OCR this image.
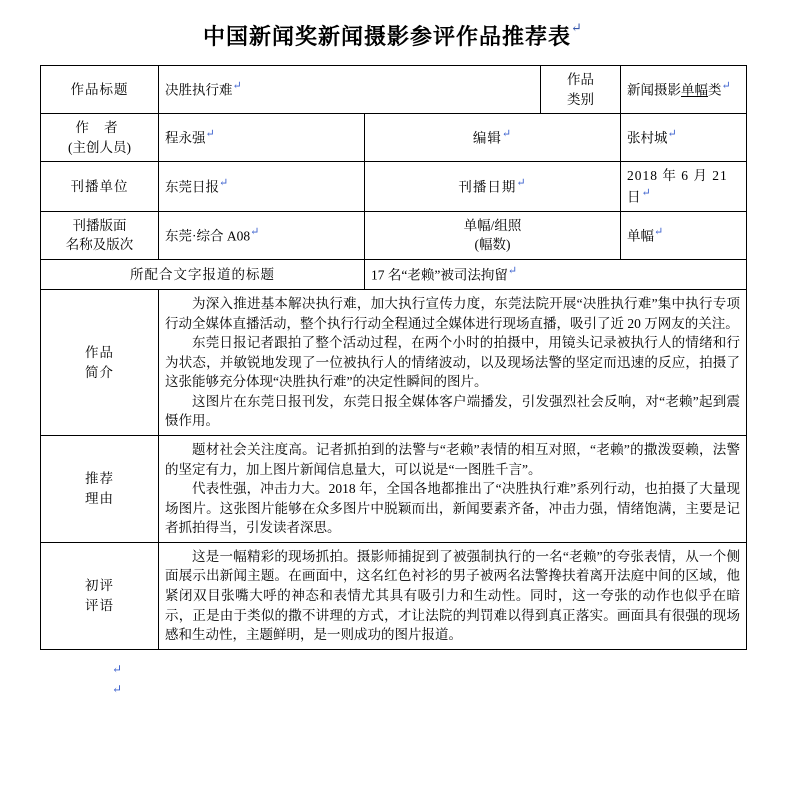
中国新闻奖新闻摄影参评作品推荐表↵
作品标题	决胜执行难↵		作品
类别	新闻摄影单幅类↵
作 者
(主创人员)	程永强↵	编辑↵		张村城↵
刊播单位	东莞日报↵	刊播日期↵		2018 年 6 月 21 日↵
刊播版面
名称及版次	东莞·综合 A08↵	单幅/组照
(幅数)		单幅↵
所配合文字报道的标题		17 名“老赖”被司法拘留↵
作品
简介	

为深入推进基本解决执行难，加大执行宣传力度，东莞法院开展“决胜执行难”集中执行专项行动全媒体直播活动，整个执行行动全程通过全媒体进行现场直播，吸引了近 20 万网友的关注。

东莞日报记者跟拍了整个活动过程，在两个小时的拍摄中，用镜头记录被执行人的情绪和行为状态，并敏锐地发现了一位被执行人的情绪波动，以及现场法警的坚定而迅速的反应，拍摄了这张能够充分体现“决胜执行难”的决定性瞬间的图片。

这图片在东莞日报刊发，东莞日报全媒体客户端播发，引发强烈社会反响，对“老赖”起到震慑作用。

推荐
理由	

题材社会关注度高。记者抓拍到的法警与“老赖”表情的相互对照，“老赖”的撒泼耍赖，法警的坚定有力，加上图片新闻信息量大，可以说是“一图胜千言”。

代表性强，冲击力大。2018 年，全国各地都推出了“决胜执行难”系列行动，也拍摄了大量现场图片。这张图片能够在众多图片中脱颖而出，新闻要素齐备，冲击力强，情绪饱满，主要是记者抓拍得当，引发读者深思。

初评
评语	这是一幅精彩的现场抓拍。摄影师捕捉到了被强制执行的一名“老赖”的夸张表情，从一个侧面展示出新闻主题。在画面中，这名红色衬衫的男子被两名法警搀扶着离开法庭中间的区域，他紧闭双目张嘴大呼的神态和表情尤其具有吸引力和生动性。同时，这一夸张的动作也似乎在暗示，正是由于类似的撒不讲理的方式，才让法院的判罚难以得到真正落实。画面具有很强的现场感和生动性，主题鲜明，是一则成功的图片报道。			

↵
↵
